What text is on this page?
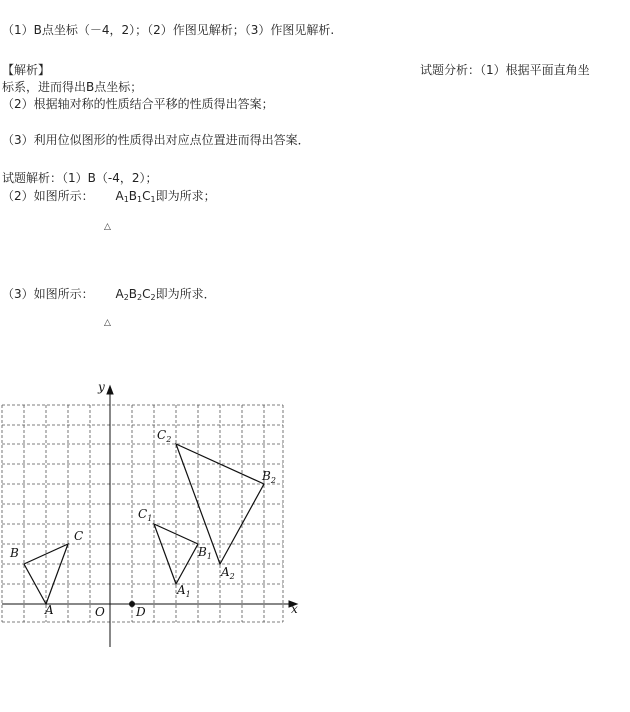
（1）B点坐标（－4，2）；（2）作图见解析；（3）作图见解析.
【解析】	试题分析：（1）根据平面直角坐
标系，进而得出B点坐标；
（2）根据轴对称的性质结合平移的性质得出答案；
（3）利用位似图形的性质得出对应点位置进而得出答案．
试题解析：（1）B（-4，2）；
（2）如图所示： $A_1B_1C_1$即为所求；
△
（3）如图所示： $A_2B_2C_2$即为所求．
△
y
x
O	D
A
B
C
$A_1$
$B_1$
$C_1$
$A_2$
$B_2$
$C_2$
